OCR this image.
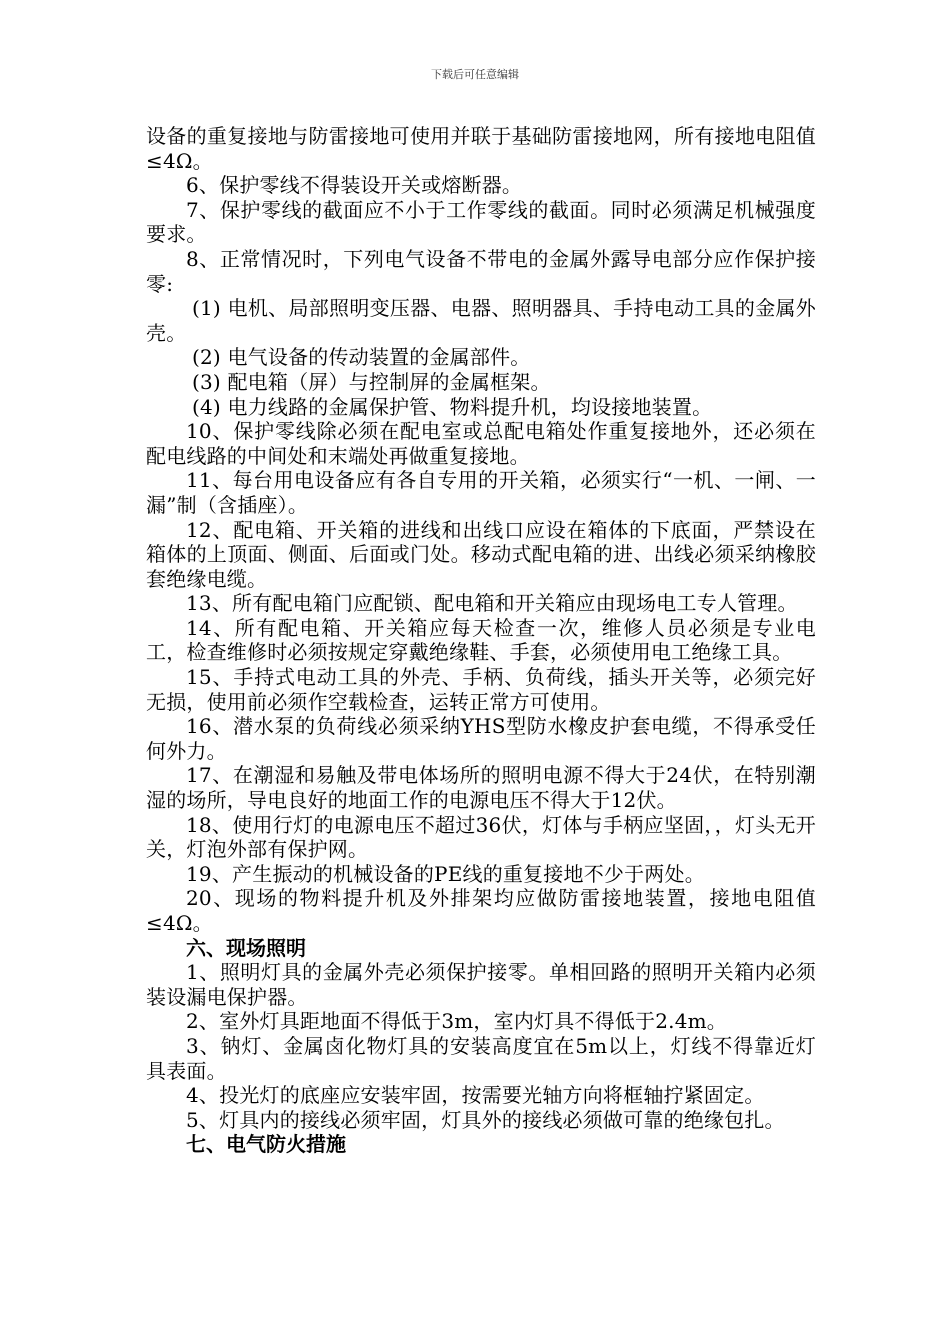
下载后可任意编辑

设备的重复接地与防雷接地可使用并联于基础防雷接地网，所有接地电阻值≤4Ω。

6、保护零线不得装设开关或熔断器。

7、保护零线的截面应不小于工作零线的截面。同时必须满足机械强度要求。

8、正常情况时，下列电气设备不带电的金属外露导电部分应作保护接零:

(1) 电机、局部照明变压器、电器、照明器具、手持电动工具的金属外壳。

(2) 电气设备的传动装置的金属部件。

(3) 配电箱（屏）与控制屏的金属框架。

(4) 电力线路的金属保护管、物料提升机，均设接地装置。

10、保护零线除必须在配电室或总配电箱处作重复接地外，还必须在配电线路的中间处和末端处再做重复接地。

11、每台用电设备应有各自专用的开关箱，必须实行“一机、一闸、一漏”制（含插座）。

12、配电箱、开关箱的进线和出线口应设在箱体的下底面，严禁设在箱体的上顶面、侧面、后面或门处。移动式配电箱的进、出线必须采纳橡胶套绝缘电缆。

13、所有配电箱门应配锁、配电箱和开关箱应由现场电工专人管理。

14、所有配电箱、开关箱应每天检查一次，维修人员必须是专业电工，检查维修时必须按规定穿戴绝缘鞋、手套，必须使用电工绝缘工具。

15、手持式电动工具的外壳、手柄、负荷线，插头开关等，必须完好无损，使用前必须作空载检查，运转正常方可使用。

16、潜水泵的负荷线必须采纳YHS型防水橡皮护套电缆，不得承受任何外力。

17、在潮湿和易触及带电体场所的照明电源不得大于24伏，在特别潮湿的场所，导电良好的地面工作的电源电压不得大于12伏。

18、使用行灯的电源电压不超过36伏，灯体与手柄应坚固，，灯头无开关，灯泡外部有保护网。

19、产生振动的机械设备的PE线的重复接地不少于两处。

20、现场的物料提升机及外排架均应做防雷接地装置，接地电阻值≤4Ω。

六、现场照明

1、照明灯具的金属外壳必须保护接零。单相回路的照明开关箱内必须装设漏电保护器。

2、室外灯具距地面不得低于3m，室内灯具不得低于2.4m。

3、钠灯、金属卤化物灯具的安装高度宜在5m以上，灯线不得靠近灯具表面。

4、投光灯的底座应安装牢固，按需要光轴方向将框轴拧紧固定。

5、灯具内的接线必须牢固，灯具外的接线必须做可靠的绝缘包扎。

七、电气防火措施
